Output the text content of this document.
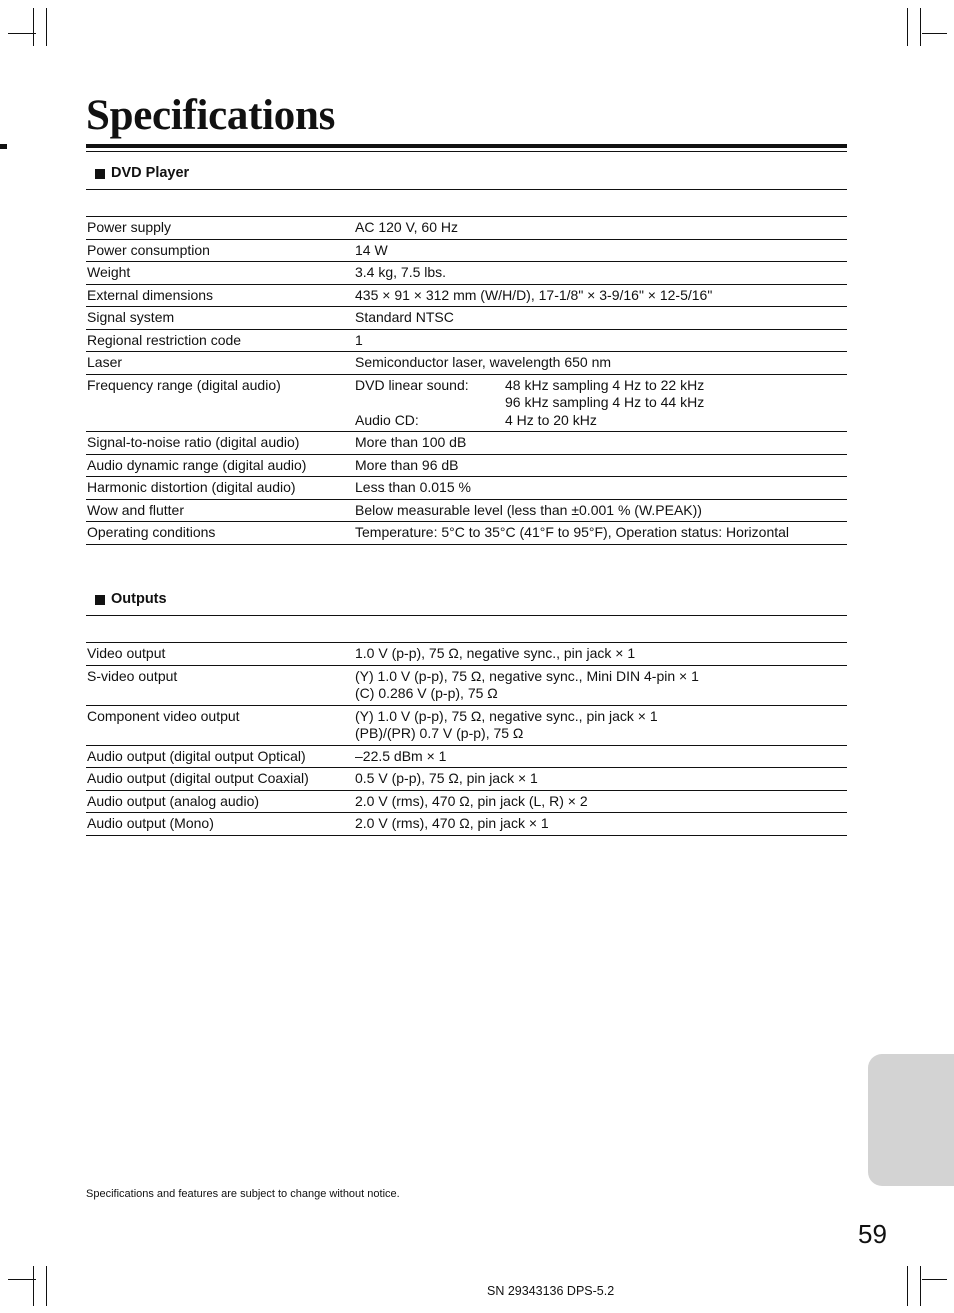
Specifications
DVD Player
Power supply	AC 120 V, 60 Hz

Power consumption	14 W

Weight	3.4 kg, 7.5 lbs.

External dimensions	435 × 91 × 312 mm (W/H/D), 17-1/8" × 3-9/16" × 12-5/16"

Signal system	Standard NTSC

Regional restriction code	1

Laser	Semiconductor laser, wavelength 650 nm

Frequency range (digital audio)	DVD linear sound: 48 kHz sampling 4 Hz to 22 kHz
96 kHz sampling 4 Hz to 44 kHz
Audio CD: 4 Hz to 20 kHz

Signal-to-noise ratio (digital audio)	More than 100 dB

Audio dynamic range (digital audio)	More than 96 dB

Harmonic distortion (digital audio)	Less than 0.015 %

Wow and flutter	Below measurable level (less than ±0.001 % (W.PEAK))

Operating conditions	Temperature: 5°C to 35°C (41°F to 95°F), Operation status: Horizontal
Outputs
Video output	1.0 V (p-p), 75 Ω, negative sync., pin jack × 1

S-video output	(Y) 1.0 V (p-p), 75 Ω, negative sync., Mini DIN 4-pin × 1
(C) 0.286 V (p-p), 75 Ω

Component video output	(Y) 1.0 V (p-p), 75 Ω, negative sync., pin jack × 1
(PB)/(PR) 0.7 V (p-p), 75 Ω

Audio output (digital output Optical)	–22.5 dBm × 1

Audio output (digital output Coaxial)	0.5 V (p-p), 75 Ω, pin jack × 1

Audio output (analog audio)	2.0 V (rms), 470 Ω, pin jack (L, R) × 2

Audio output (Mono)	2.0 V (rms), 470 Ω, pin jack × 1
Specifications and features are subject to change without notice.
59
SN 29343136 DPS-5.2
